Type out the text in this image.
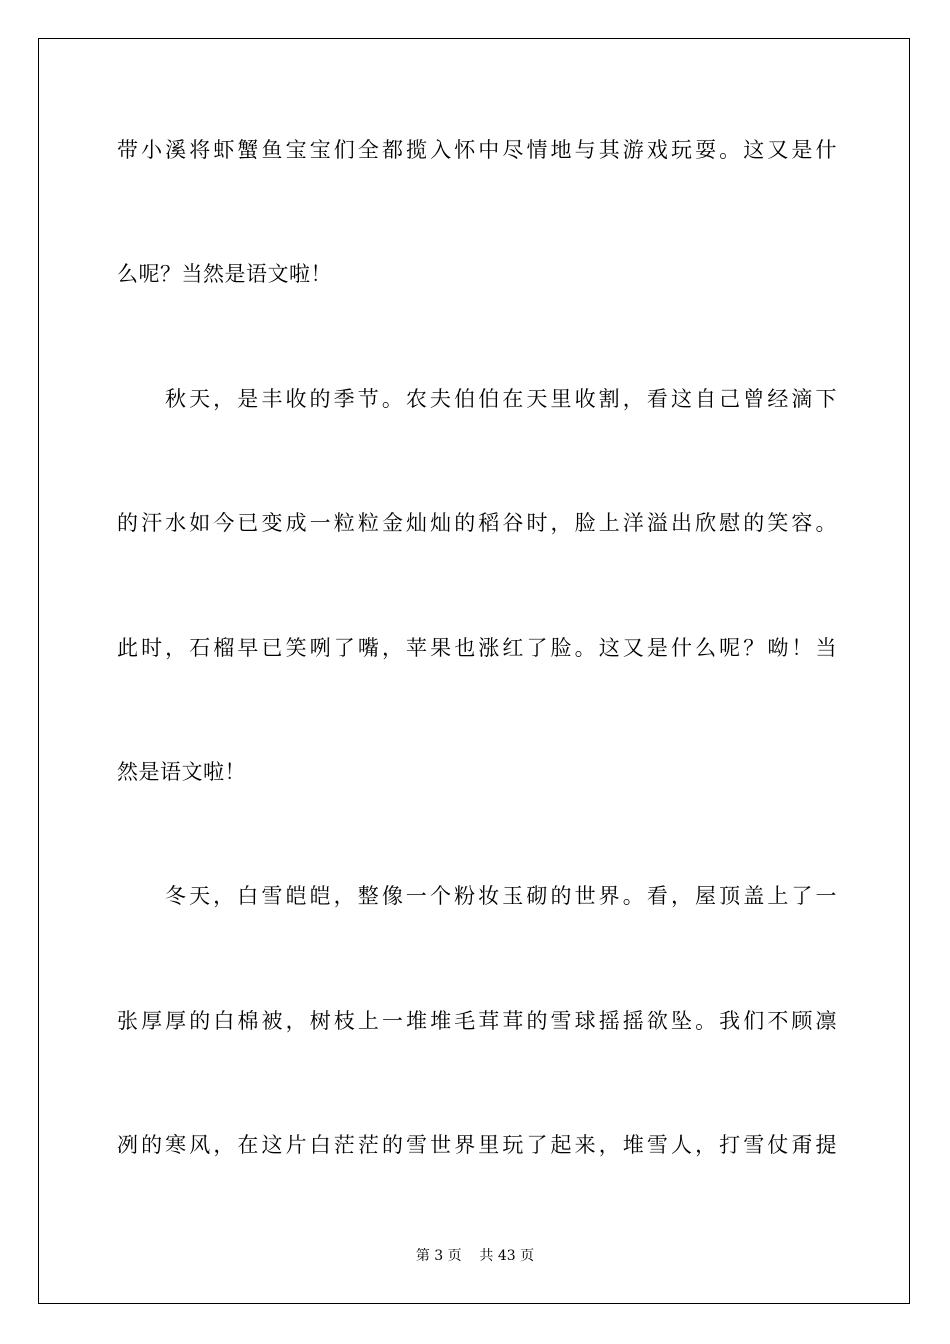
带小溪将虾蟹鱼宝宝们全都揽入怀中尽情地与其游戏玩耍。这又是什
么呢？当然是语文啦！
秋天，是丰收的季节。农夫伯伯在天里收割，看这自己曾经滴下
的汗水如今已变成一粒粒金灿灿的稻谷时，脸上洋溢出欣慰的笑容。
此时，石榴早已笑咧了嘴，苹果也涨红了脸。这又是什么呢？呦！当
然是语文啦！
冬天，白雪皑皑，整像一个粉妆玉砌的世界。看，屋顶盖上了一
张厚厚的白棉被，树枝上一堆堆毛茸茸的雪球摇摇欲坠。我们不顾凛
冽的寒风，在这片白茫茫的雪世界里玩了起来，堆雪人，打雪仗甭提
第 3 页    共 43 页
